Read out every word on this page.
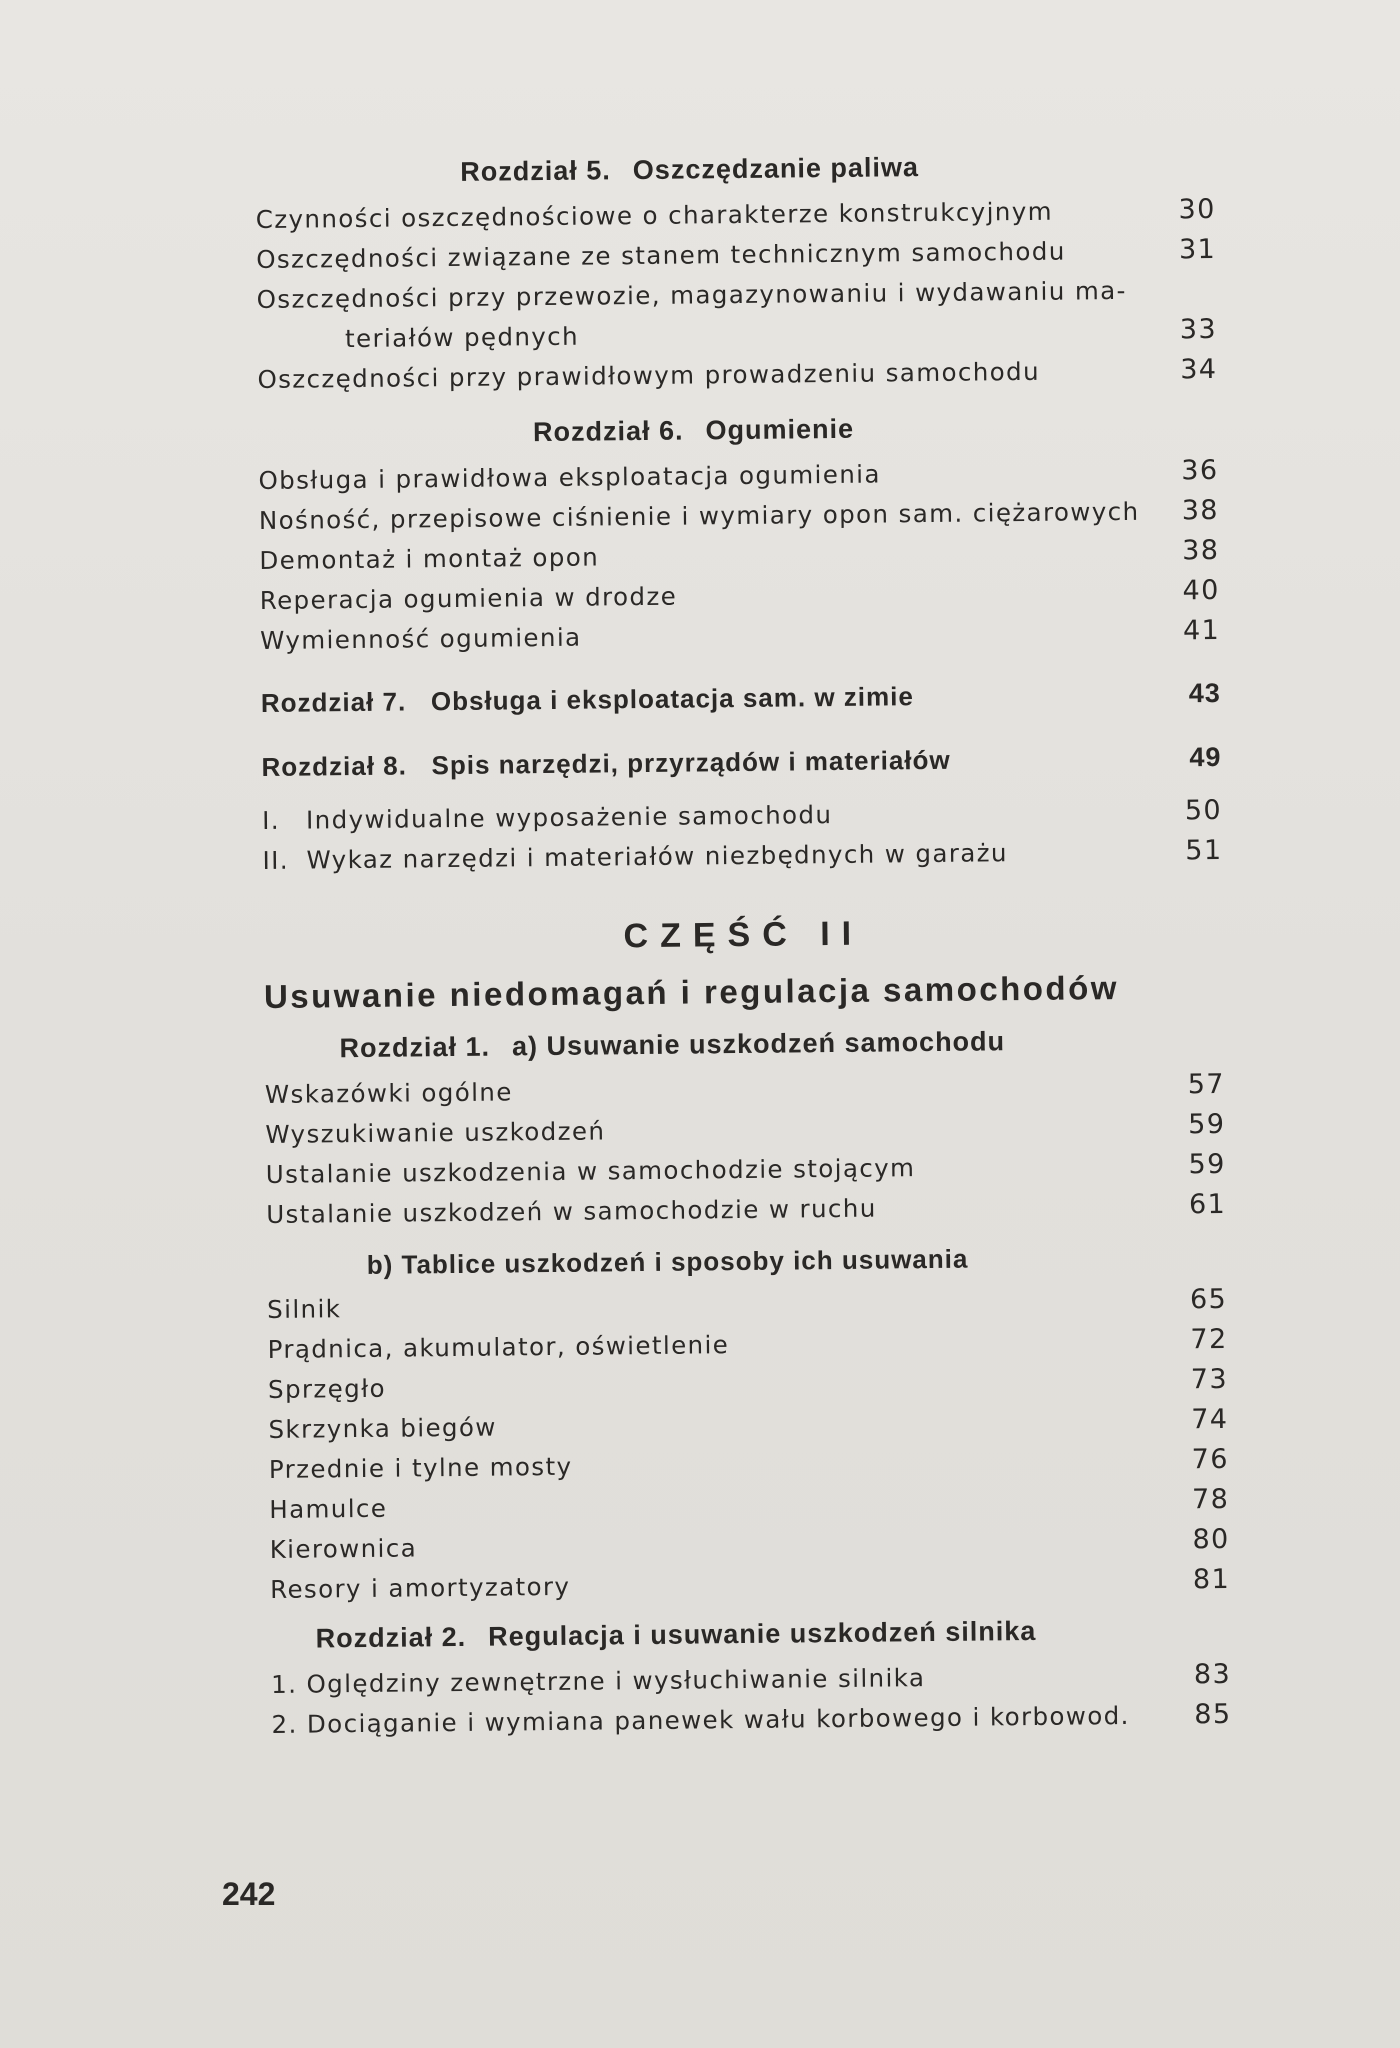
Rozdział 5. Oszczędzanie paliwa
Czynności oszczędnościowe o charakterze konstrukcyjnym	30
Oszczędności związane ze stanem technicznym samochodu	31
Oszczędności przy przewozie, magazynowaniu i wydawaniu ma-
teriałów pędnych	33
Oszczędności przy prawidłowym prowadzeniu samochodu	34
Rozdział 6. Ogumienie
Obsługa i prawidłowa eksploatacja ogumienia	36
Nośność, przepisowe ciśnienie i wymiary opon sam. ciężarowych	38
Demontaż i montaż opon	38
Reperacja ogumienia w drodze	40
Wymienność ogumienia	41
Rozdział 7. Obsługa i eksploatacja sam. w zimie	43
Rozdział 8. Spis narzędzi, przyrządów i materiałów	49
I. Indywidualne wyposażenie samochodu	50
II. Wykaz narzędzi i materiałów niezbędnych w garażu	51
CZĘŚĆ II
Usuwanie niedomagań i regulacja samochodów
Rozdział 1. a) Usuwanie uszkodzeń samochodu
Wskazówki ogólne	57
Wyszukiwanie uszkodzeń	59
Ustalanie uszkodzenia w samochodzie stojącym	59
Ustalanie uszkodzeń w samochodzie w ruchu	61
b) Tablice uszkodzeń i sposoby ich usuwania
Silnik	65
Prądnica, akumulator, oświetlenie	72
Sprzęgło	73
Skrzynka biegów	74
Przednie i tylne mosty	76
Hamulce	78
Kierownica	80
Resory i amortyzatory	81
Rozdział 2. Regulacja i usuwanie uszkodzeń silnika
1. Oględziny zewnętrzne i wysłuchiwanie silnika	83
2. Dociąganie i wymiana panewek wału korbowego i korbowod.	85
242
